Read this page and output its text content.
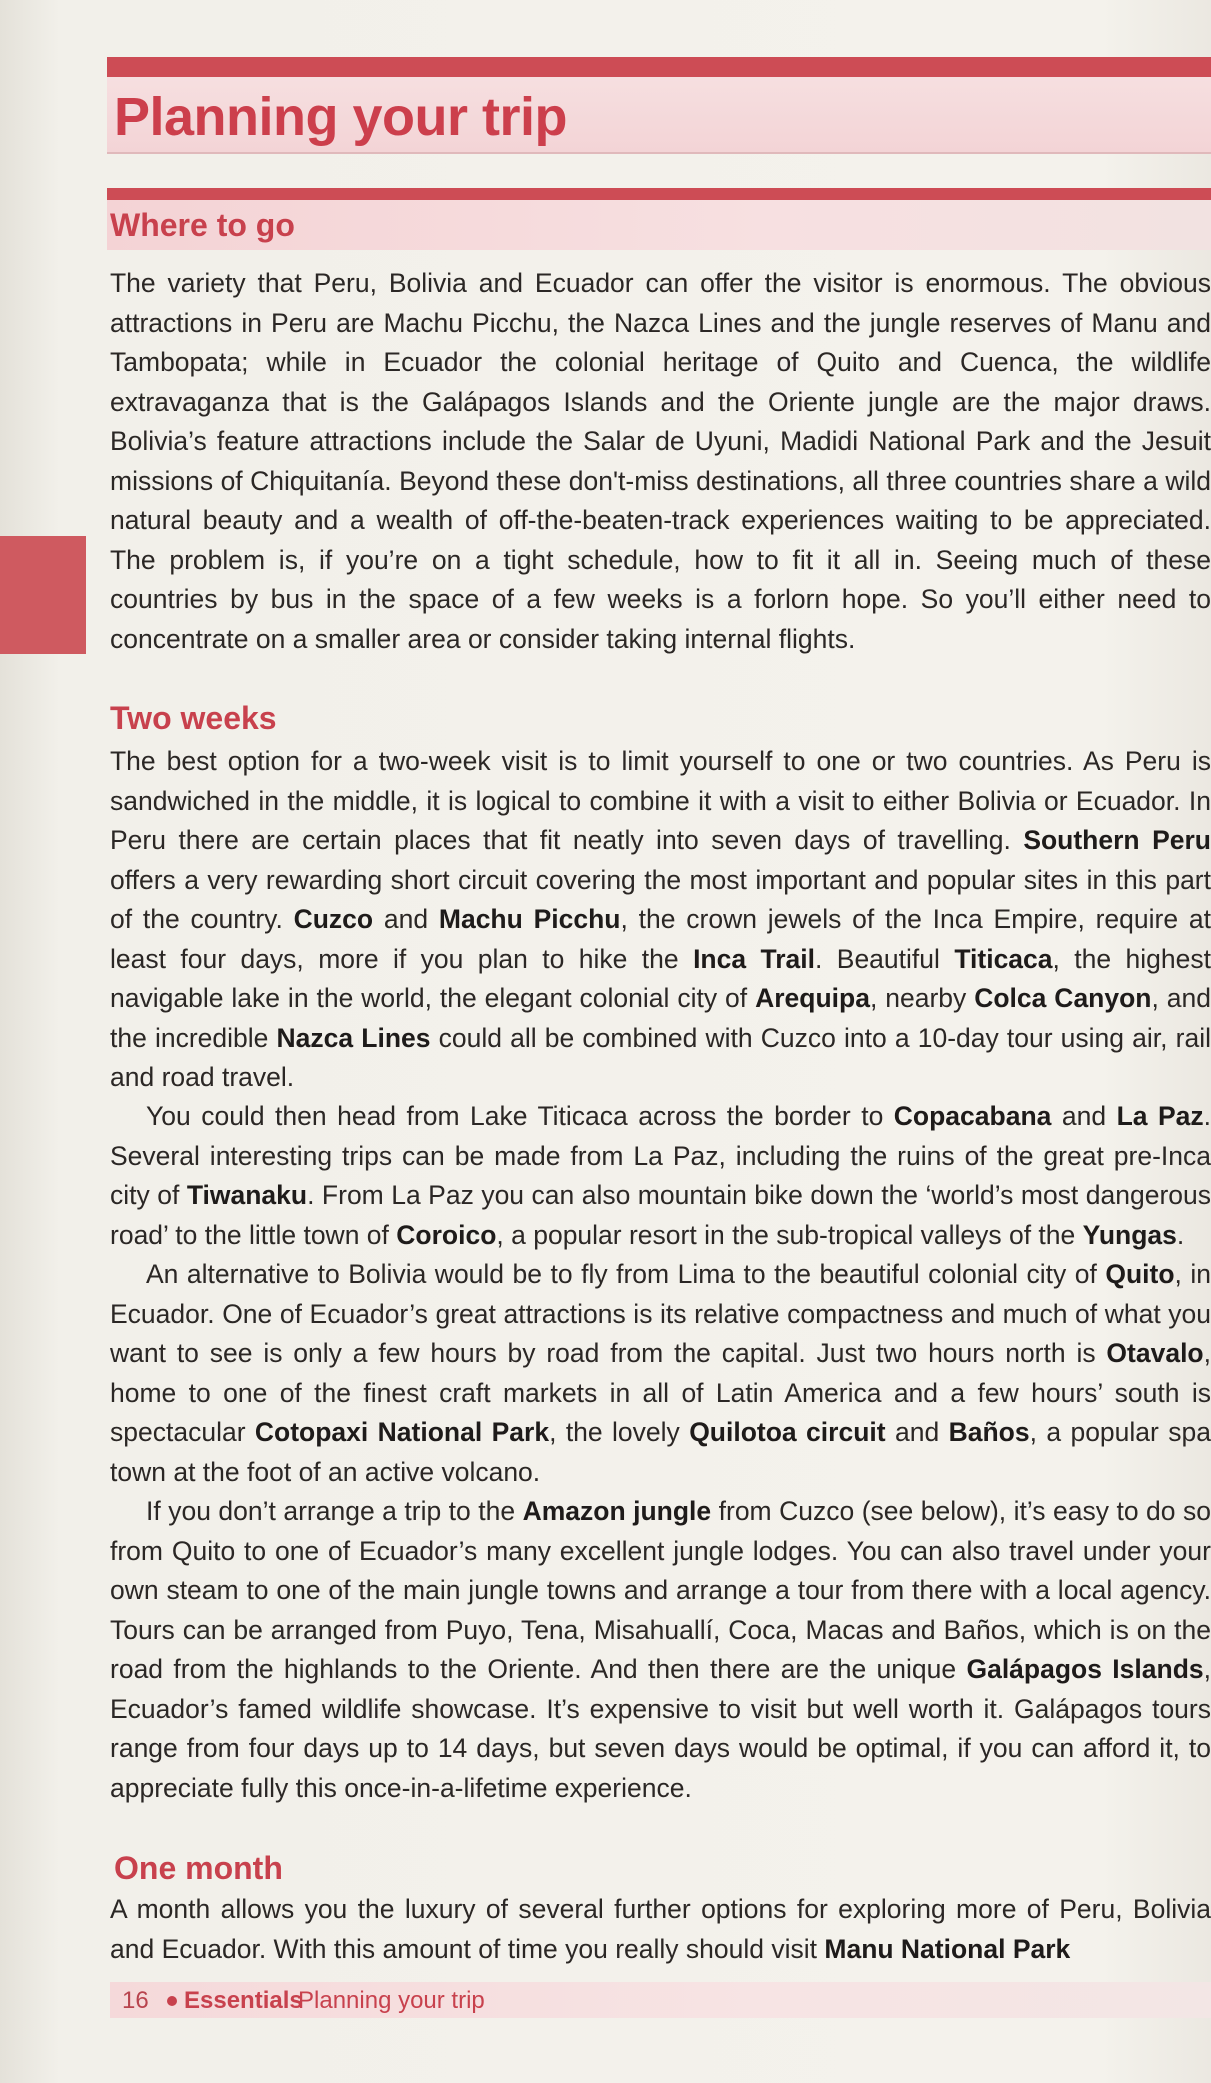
Planning your trip
Where to go
The variety that Peru, Bolivia and Ecuador can offer the visitor is enormous. The obvious attractions in Peru are Machu Picchu, the Nazca Lines and the jungle reserves of Manu and Tambopata; while in Ecuador the colonial heritage of Quito and Cuenca, the wildlife extravaganza that is the Galápagos Islands and the Oriente jungle are the major draws. Bolivia’s feature attractions include the Salar de Uyuni, Madidi National Park and the Jesuit missions of Chiquitanía. Beyond these don't-miss destinations, all three countries share a wild natural beauty and a wealth of off-the-beaten-track experiences waiting to be appreciated. The problem is, if you’re on a tight schedule, how to fit it all in. Seeing much of these countries by bus in the space of a few weeks is a forlorn hope. So you’ll either need to concentrate on a smaller area or consider taking internal flights.
Two weeks
The best option for a two-week visit is to limit yourself to one or two countries. As Peru is sandwiched in the middle, it is logical to combine it with a visit to either Bolivia or Ecuador. In Peru there are certain places that fit neatly into seven days of travelling. Southern Peru offers a very rewarding short circuit covering the most important and popular sites in this part of the country. Cuzco and Machu Picchu, the crown jewels of the Inca Empire, require at least four days, more if you plan to hike the Inca Trail. Beautiful Titicaca, the highest navigable lake in the world, the elegant colonial city of Arequipa, nearby Colca Canyon, and the incredible Nazca Lines could all be combined with Cuzco into a 10-day tour using air, rail and road travel.
You could then head from Lake Titicaca across the border to Copacabana and La Paz. Several interesting trips can be made from La Paz, including the ruins of the great pre-Inca city of Tiwanaku. From La Paz you can also mountain bike down the ‘world’s most dangerous road’ to the little town of Coroico, a popular resort in the sub-tropical valleys of the Yungas.
An alternative to Bolivia would be to fly from Lima to the beautiful colonial city of Quito, in Ecuador. One of Ecuador’s great attractions is its relative compactness and much of what you want to see is only a few hours by road from the capital. Just two hours north is Otavalo, home to one of the finest craft markets in all of Latin America and a few hours’ south is spectacular Cotopaxi National Park, the lovely Quilotoa circuit and Baños, a popular spa town at the foot of an active volcano.
If you don’t arrange a trip to the Amazon jungle from Cuzco (see below), it’s easy to do so from Quito to one of Ecuador’s many excellent jungle lodges. You can also travel under your own steam to one of the main jungle towns and arrange a tour from there with a local agency. Tours can be arranged from Puyo, Tena, Misahuallí, Coca, Macas and Baños, which is on the road from the highlands to the Oriente. And then there are the unique Galápagos Islands, Ecuador’s famed wildlife showcase. It’s expensive to visit but well worth it. Galápagos tours range from four days up to 14 days, but seven days would be optimal, if you can afford it, to appreciate fully this once-in-a-lifetime experience.
One month
A month allows you the luxury of several further options for exploring more of Peru, Bolivia and Ecuador. With this amount of time you really should visit Manu National Park
16 Essentials
Planning your trip
